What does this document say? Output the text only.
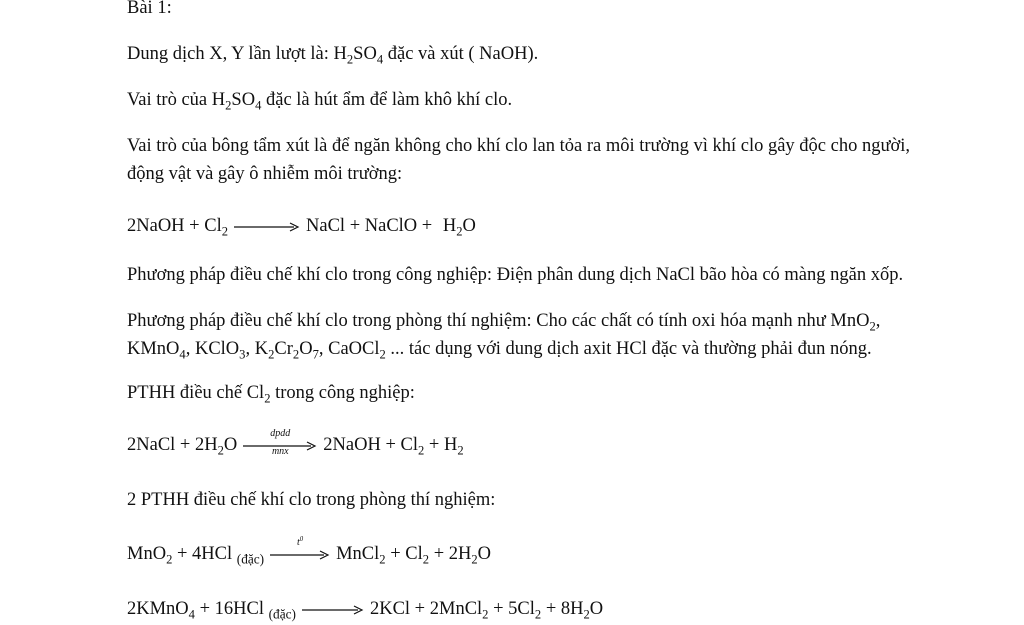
Bài 1:
Dung dịch X, Y lần lượt là: $H_2SO_4$ đặc và xút ( NaOH).
Vai trò của $H_2SO_4$ đặc là hút ẩm để làm khô khí clo.
Vai trò của bông tẩm xút là để ngăn không cho khí clo lan tỏa ra môi trường vì khí clo gây độc cho người,
động vật và gây ô nhiễm môi trường:
2NaOH + $Cl_2$ → NaCl + NaClO + $H_2O$
Phương pháp điều chế khí clo trong công nghiệp: Điện phân dung dịch NaCl bão hòa có màng ngăn xốp.
Phương pháp điều chế khí clo trong phòng thí nghiệm: Cho các chất có tính oxi hóa mạnh như MnO$_2$,
KMnO$_4$, KClO$_3$, $K_2Cr_2O_7$, CaOCl$_2$ ... tác dụng với dung dịch axit HCl đặc và thường phải đun nóng.
PTHH điều chế $Cl_2$ trong công nghiệp:
2NaCl + $2H_2O$
dpdd
mnx	2NaOH + $Cl_2 + H_2$
2 PTHH điều chế khí clo trong phòng thí nghiệm:
MnO$_2$ + 4HCl $_{(đặc)}$
$t^0$
MnCl$_2$ + $Cl_2 + 2H_2O$
2KMnO$_4$ + 16HCl $_{(đặc)}$ → 2KCl + 2MnCl$_2$ + $5Cl_2 + 8H_2O$
